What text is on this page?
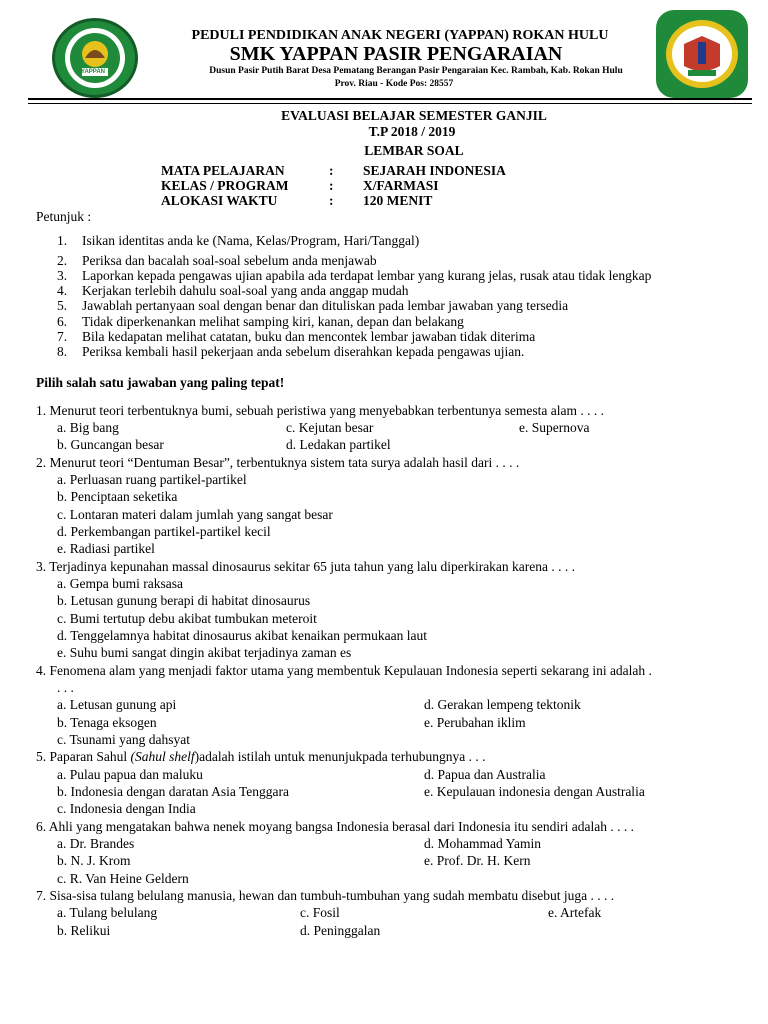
YAPPAN
PEDULI PENDIDIKAN ANAK NEGERI (YAPPAN) ROKAN HULU
SMK YAPPAN PASIR PENGARAIAN
Dusun Pasir Putih Barat Desa Pematang Berangan Pasir Pengaraian Kec. Rambah, Kab. Rokan Hulu
Prov. Riau - Kode Pos: 28557
EVALUASI BELAJAR SEMESTER GANJIL
T.P 2018 / 2019
LEMBAR SOAL
MATA PELAJARAN	: SEJARAH INDONESIA
KELAS / PROGRAM	: X/FARMASI
ALOKASI WAKTU	: 120 MENIT
Petunjuk :
1. Isikan identitas anda ke (Nama, Kelas/Program, Hari/Tanggal)
2. Periksa dan bacalah soal-soal sebelum anda menjawab
3. Laporkan kepada pengawas ujian apabila ada terdapat lembar yang kurang jelas, rusak atau tidak lengkap
4. Kerjakan terlebih dahulu soal-soal yang anda anggap mudah
5. Jawablah pertanyaan soal dengan benar dan dituliskan pada lembar jawaban yang tersedia
6. Tidak diperkenankan melihat samping kiri, kanan, depan dan belakang
7. Bila kedapatan melihat catatan, buku dan mencontek lembar jawaban tidak diterima
8. Periksa kembali hasil pekerjaan anda sebelum diserahkan kepada pengawas ujian.
Pilih salah satu jawaban yang paling tepat!
1. Menurut teori terbentuknya bumi, sebuah peristiwa yang menyebabkan terbentunya semesta alam . . . .
a. Big bang	c. Kejutan besar	e. Supernova
b. Guncangan besar	d. Ledakan partikel
2. Menurut teori “Dentuman Besar”, terbentuknya sistem tata surya adalah hasil dari . . . .
a. Perluasan ruang partikel-partikel
b. Penciptaan seketika
c. Lontaran materi dalam jumlah yang sangat besar
d. Perkembangan partikel-partikel kecil
e. Radiasi partikel
3. Terjadinya kepunahan massal dinosaurus sekitar 65 juta tahun yang lalu diperkirakan karena . . . .
a. Gempa bumi raksasa
b. Letusan gunung berapi di habitat dinosaurus
c. Bumi tertutup debu akibat tumbukan meteroit
d. Tenggelamnya habitat dinosaurus akibat kenaikan permukaan laut
e. Suhu bumi sangat dingin akibat terjadinya zaman es
4. Fenomena alam yang menjadi faktor utama yang membentuk Kepulauan Indonesia seperti sekarang ini adalah .
. . .
a. Letusan gunung api	d. Gerakan lempeng tektonik
b. Tenaga eksogen	e. Perubahan iklim
c. Tsunami yang dahsyat
5. Paparan Sahul (Sahul shelf)adalah istilah untuk menunjukpada terhubungnya . . .
a. Pulau papua dan maluku	d. Papua dan Australia
b. Indonesia dengan daratan Asia Tenggara	e. Kepulauan indonesia dengan Australia
c. Indonesia dengan India
6. Ahli yang mengatakan bahwa nenek moyang bangsa Indonesia berasal dari Indonesia itu sendiri adalah . . . .
a. Dr. Brandes	d. Mohammad Yamin
b. N. J. Krom	e. Prof. Dr. H. Kern
c. R. Van Heine Geldern
7. Sisa-sisa tulang belulang manusia, hewan dan tumbuh-tumbuhan yang sudah membatu disebut juga . . . .
a. Tulang belulang	c. Fosil	e. Artefak
b. Relikui	d. Peninggalan
